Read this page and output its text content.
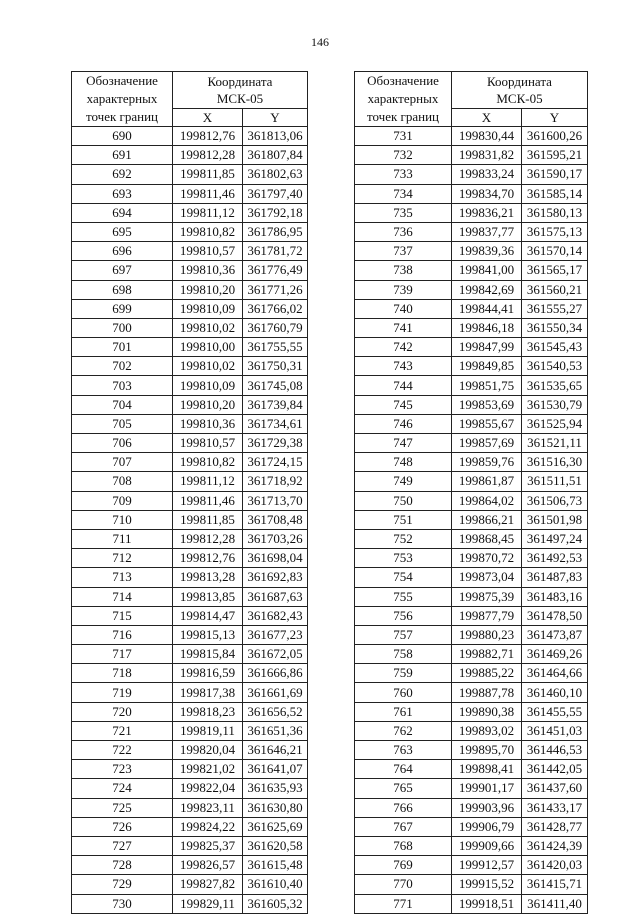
146
Обозначение
характерных
точек границ	Координата
МСК-05	

	X	Y
690	199812,76	361813,06
691	199812,28	361807,84
692	199811,85	361802,63
693	199811,46	361797,40
694	199811,12	361792,18
695	199810,82	361786,95
696	199810,57	361781,72
697	199810,36	361776,49
698	199810,20	361771,26
699	199810,09	361766,02
700	199810,02	361760,79
701	199810,00	361755,55
702	199810,02	361750,31
703	199810,09	361745,08
704	199810,20	361739,84
705	199810,36	361734,61
706	199810,57	361729,38
707	199810,82	361724,15
708	199811,12	361718,92
709	199811,46	361713,70
710	199811,85	361708,48
711	199812,28	361703,26
712	199812,76	361698,04
713	199813,28	361692,83
714	199813,85	361687,63
715	199814,47	361682,43
716	199815,13	361677,23
717	199815,84	361672,05
718	199816,59	361666,86
719	199817,38	361661,69
720	199818,23	361656,52
721	199819,11	361651,36
722	199820,04	361646,21
723	199821,02	361641,07
724	199822,04	361635,93
725	199823,11	361630,80
726	199824,22	361625,69
727	199825,37	361620,58
728	199826,57	361615,48
729	199827,82	361610,40
730	199829,11	361605,32
Обозначение
характерных
точек границ	Координата
МСК-05	

	X	Y
731	199830,44	361600,26
732	199831,82	361595,21
733	199833,24	361590,17
734	199834,70	361585,14
735	199836,21	361580,13
736	199837,77	361575,13
737	199839,36	361570,14
738	199841,00	361565,17
739	199842,69	361560,21
740	199844,41	361555,27
741	199846,18	361550,34
742	199847,99	361545,43
743	199849,85	361540,53
744	199851,75	361535,65
745	199853,69	361530,79
746	199855,67	361525,94
747	199857,69	361521,11
748	199859,76	361516,30
749	199861,87	361511,51
750	199864,02	361506,73
751	199866,21	361501,98
752	199868,45	361497,24
753	199870,72	361492,53
754	199873,04	361487,83
755	199875,39	361483,16
756	199877,79	361478,50
757	199880,23	361473,87
758	199882,71	361469,26
759	199885,22	361464,66
760	199887,78	361460,10
761	199890,38	361455,55
762	199893,02	361451,03
763	199895,70	361446,53
764	199898,41	361442,05
765	199901,17	361437,60
766	199903,96	361433,17
767	199906,79	361428,77
768	199909,66	361424,39
769	199912,57	361420,03
770	199915,52	361415,71
771	199918,51	361411,40
